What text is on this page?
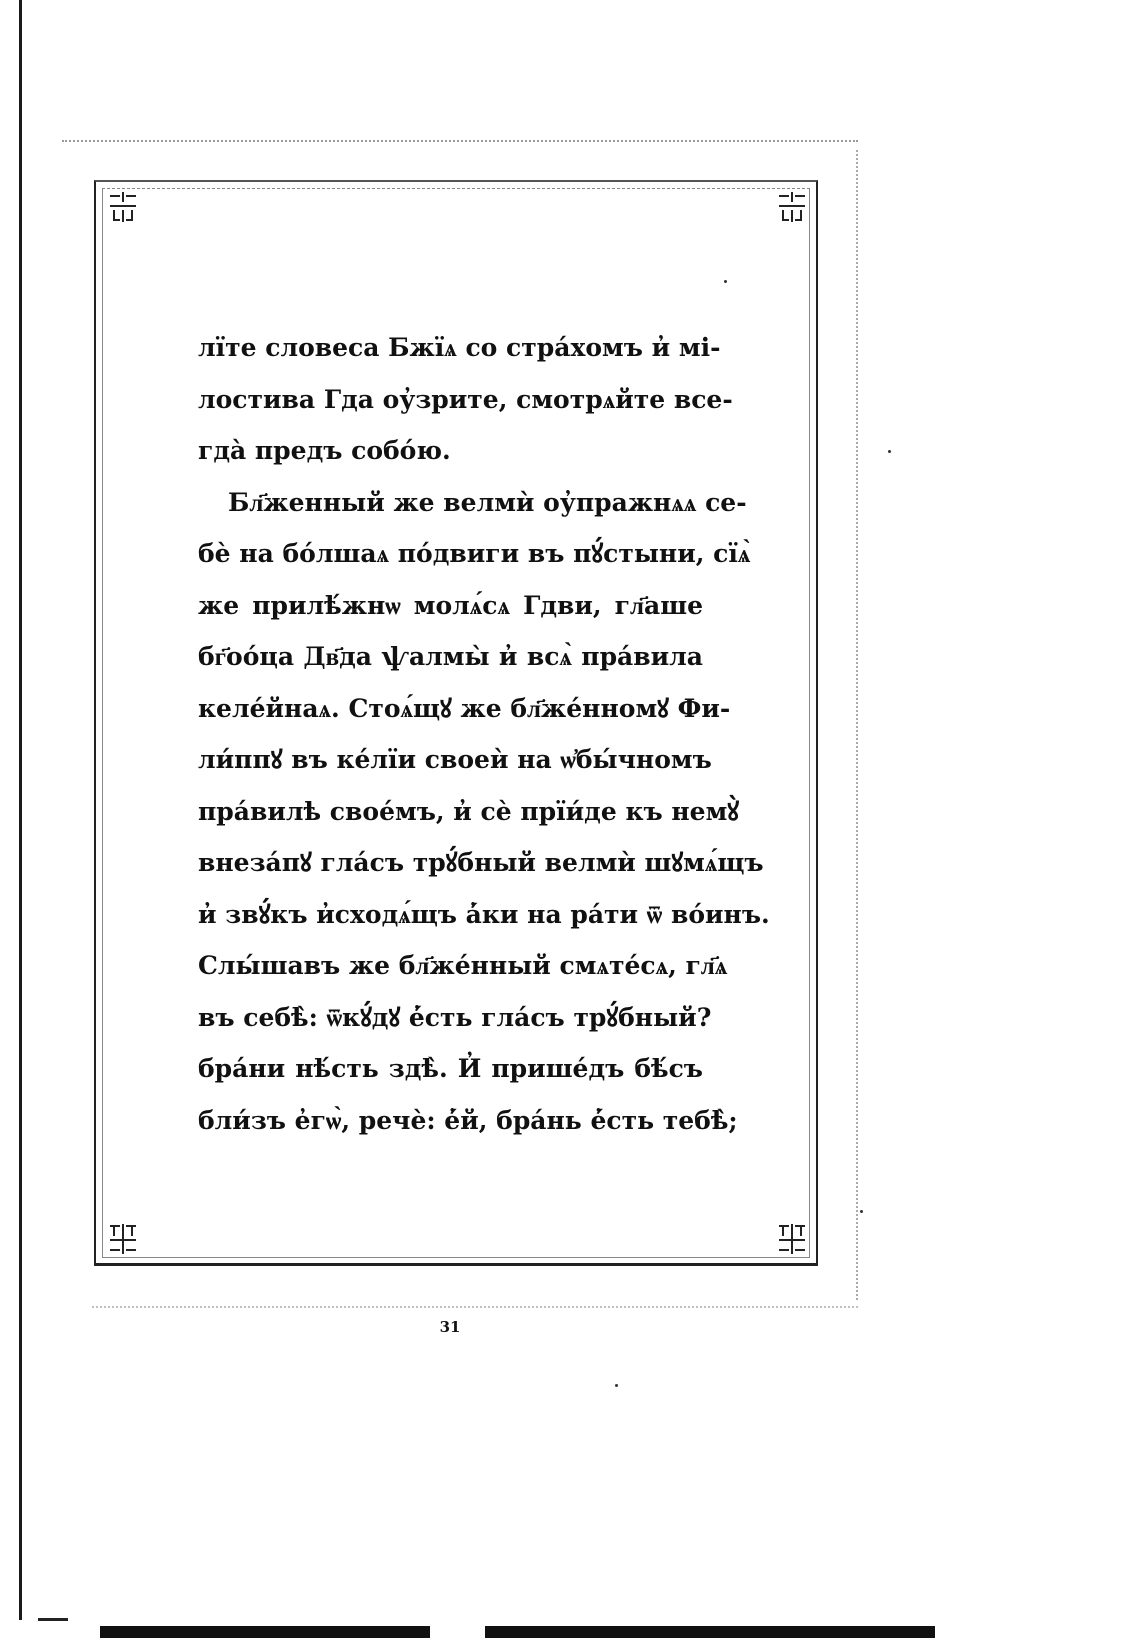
лїте словеса Бжїѧ со стра́хомъ и̓ мі-
лостива Гда оу̓зрите, смотрѧйте все-
гда̀ предъ собо́ю.
Бл҃женный же велмѝ оу̓пражнѧѧ се-
бѐ на бо́лшаѧ по́двиги въ пꙋ́стыни, сїѧ̀
же прилѣ́жнѡ молѧ́сѧ Гдви, гл҃аше
бг҃оо́ца Дв҃да ѱалмы̀ и̓ всѧ̀ пра́вила
келе́йнаѧ. Стоѧ́щꙋ же бл҃же́нномꙋ Фи-
ли́ппꙋ въ ке́лїи своеѝ на ѡ̓бы́чномъ
пра́вилѣ свое́мъ, и̓ сѐ прїи́де къ немꙋ̀
внеза́пꙋ гла́съ трꙋ́бный велмѝ шꙋмѧ́щъ
и̓ звꙋ́къ и̓сходѧ́щъ а̓́ки на ра́ти ѿ во́инъ.
Слы́шавъ же бл҃же́нный смѧте́сѧ, гл҃ѧ
въ себѣ̀: ѿкꙋ́дꙋ е̓́сть гла́съ трꙋ́бный?
бра́ни нѣ́сть здѣ̀. И̓ прише́дъ бѣ́съ
бли́зъ е̓гѡ̀, речѐ: е̓́й, бра́нь е̓́сть тебѣ̀;
31
